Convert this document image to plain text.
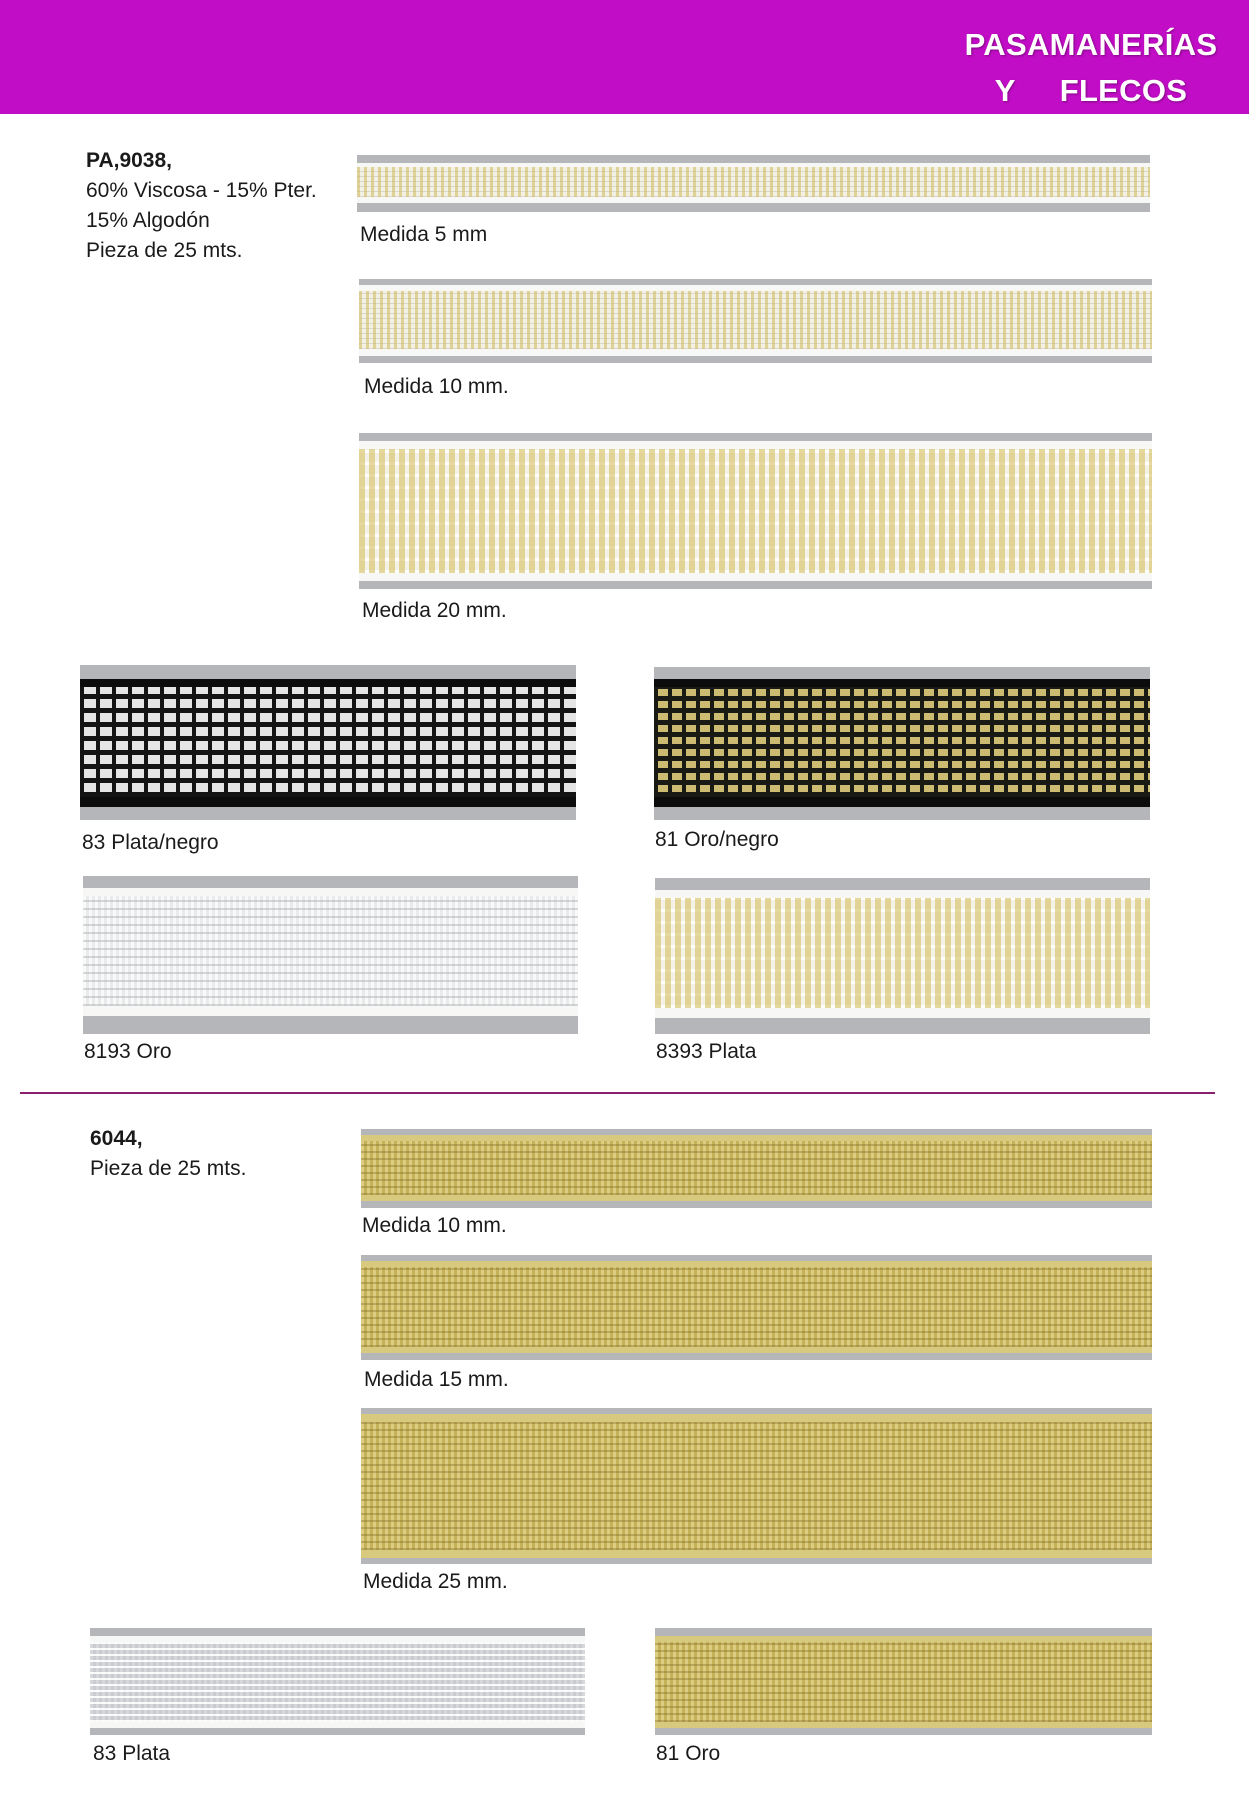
PASAMANERÍAS
Y     FLECOS
PA,9038,
60% Viscosa - 15% Pter.
15% Algodón
Pieza de 25 mts.
Medida 5 mm
Medida 10 mm.
Medida 20 mm.
83 Plata/negro	81 Oro/negro
8193 Oro	8393 Plata
6044,
Pieza de 25 mts.
Medida 10 mm.
Medida 15 mm.
Medida 25 mm.
83 Plata	81 Oro
